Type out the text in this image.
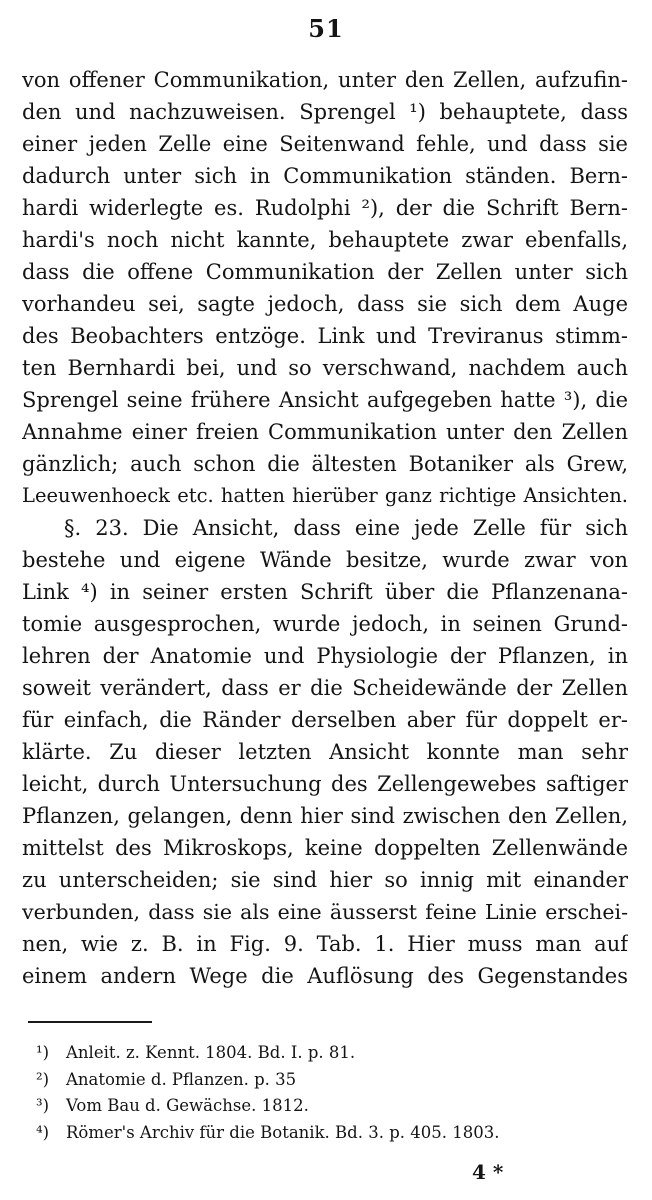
51
von offener Communikation, unter den Zellen, aufzufin-
den und nachzuweisen. Sprengel ¹) behauptete, dass
einer jeden Zelle eine Seitenwand fehle, und dass sie
dadurch unter sich in Communikation ständen. Bern-
hardi widerlegte es. Rudolphi ²), der die Schrift Bern-
hardi's noch nicht kannte, behauptete zwar ebenfalls,
dass die offene Communikation der Zellen unter sich
vorhandeu sei, sagte jedoch, dass sie sich dem Auge
des Beobachters entzöge. Link und Treviranus stimm-
ten Bernhardi bei, und so verschwand, nachdem auch
Sprengel seine frühere Ansicht aufgegeben hatte ³), die
Annahme einer freien Communikation unter den Zellen
gänzlich; auch schon die ältesten Botaniker als Grew,
Leeuwenhoeck etc. hatten hierüber ganz richtige Ansichten.
§. 23. Die Ansicht, dass eine jede Zelle für sich
bestehe und eigene Wände besitze, wurde zwar von
Link ⁴) in seiner ersten Schrift über die Pflanzenana-
tomie ausgesprochen, wurde jedoch, in seinen Grund-
lehren der Anatomie und Physiologie der Pflanzen, in
soweit verändert, dass er die Scheidewände der Zellen
für einfach, die Ränder derselben aber für doppelt er-
klärte. Zu dieser letzten Ansicht konnte man sehr
leicht, durch Untersuchung des Zellengewebes saftiger
Pflanzen, gelangen, denn hier sind zwischen den Zellen,
mittelst des Mikroskops, keine doppelten Zellenwände
zu unterscheiden; sie sind hier so innig mit einander
verbunden, dass sie als eine äusserst feine Linie erschei-
nen, wie z. B. in Fig. 9. Tab. 1. Hier muss man auf
einem andern Wege die Auflösung des Gegenstandes
¹) Anleit. z. Kennt. 1804. Bd. I. p. 81.
²) Anatomie d. Pflanzen. p. 35
³) Vom Bau d. Gewächse. 1812.
⁴) Römer's Archiv für die Botanik. Bd. 3. p. 405. 1803.
4 *
